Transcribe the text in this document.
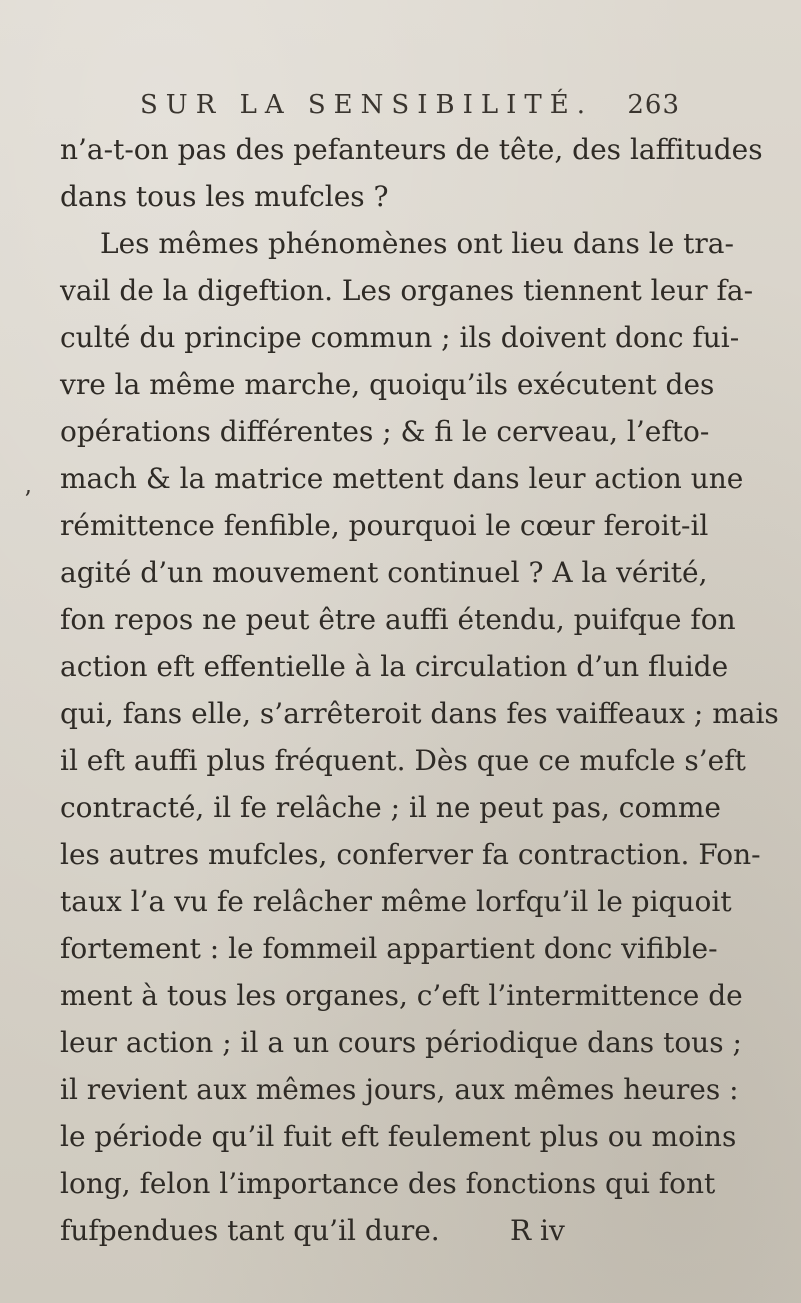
SUR LA SENSIBILITÉ. 263
’
n’a-t-on pas des pefanteurs de tête, des laffitudes
dans tous les mufcles ?
Les mêmes phénomènes ont lieu dans le tra-
vail de la digeftion. Les organes tiennent leur fa-
culté du principe commun ; ils doivent donc fui-
vre la même marche, quoiqu’ils exécutent des
opérations différentes ; & fi le cerveau, l’efto-
mach & la matrice mettent dans leur action une
rémittence fenfible, pourquoi le cœur feroit-il
agité d’un mouvement continuel ? A la vérité,
fon repos ne peut être auffi étendu, puifque fon
action eft effentielle à la circulation d’un fluide
qui, fans elle, s’arrêteroit dans fes vaiffeaux ; mais
il eft auffi plus fréquent. Dès que ce mufcle s’eft
contracté, il fe relâche ; il ne peut pas, comme
les autres mufcles, conferver fa contraction. Fon-
taux l’a vu fe relâcher même lorfqu’il le piquoit
fortement : le fommeil appartient donc vifible-
ment à tous les organes, c’eft l’intermittence de
leur action ; il a un cours périodique dans tous ;
il revient aux mêmes jours, aux mêmes heures :
le période qu’il fuit eft feulement plus ou moins
long, felon l’importance des fonctions qui font
fufpendues tant qu’il dure.	R iv
